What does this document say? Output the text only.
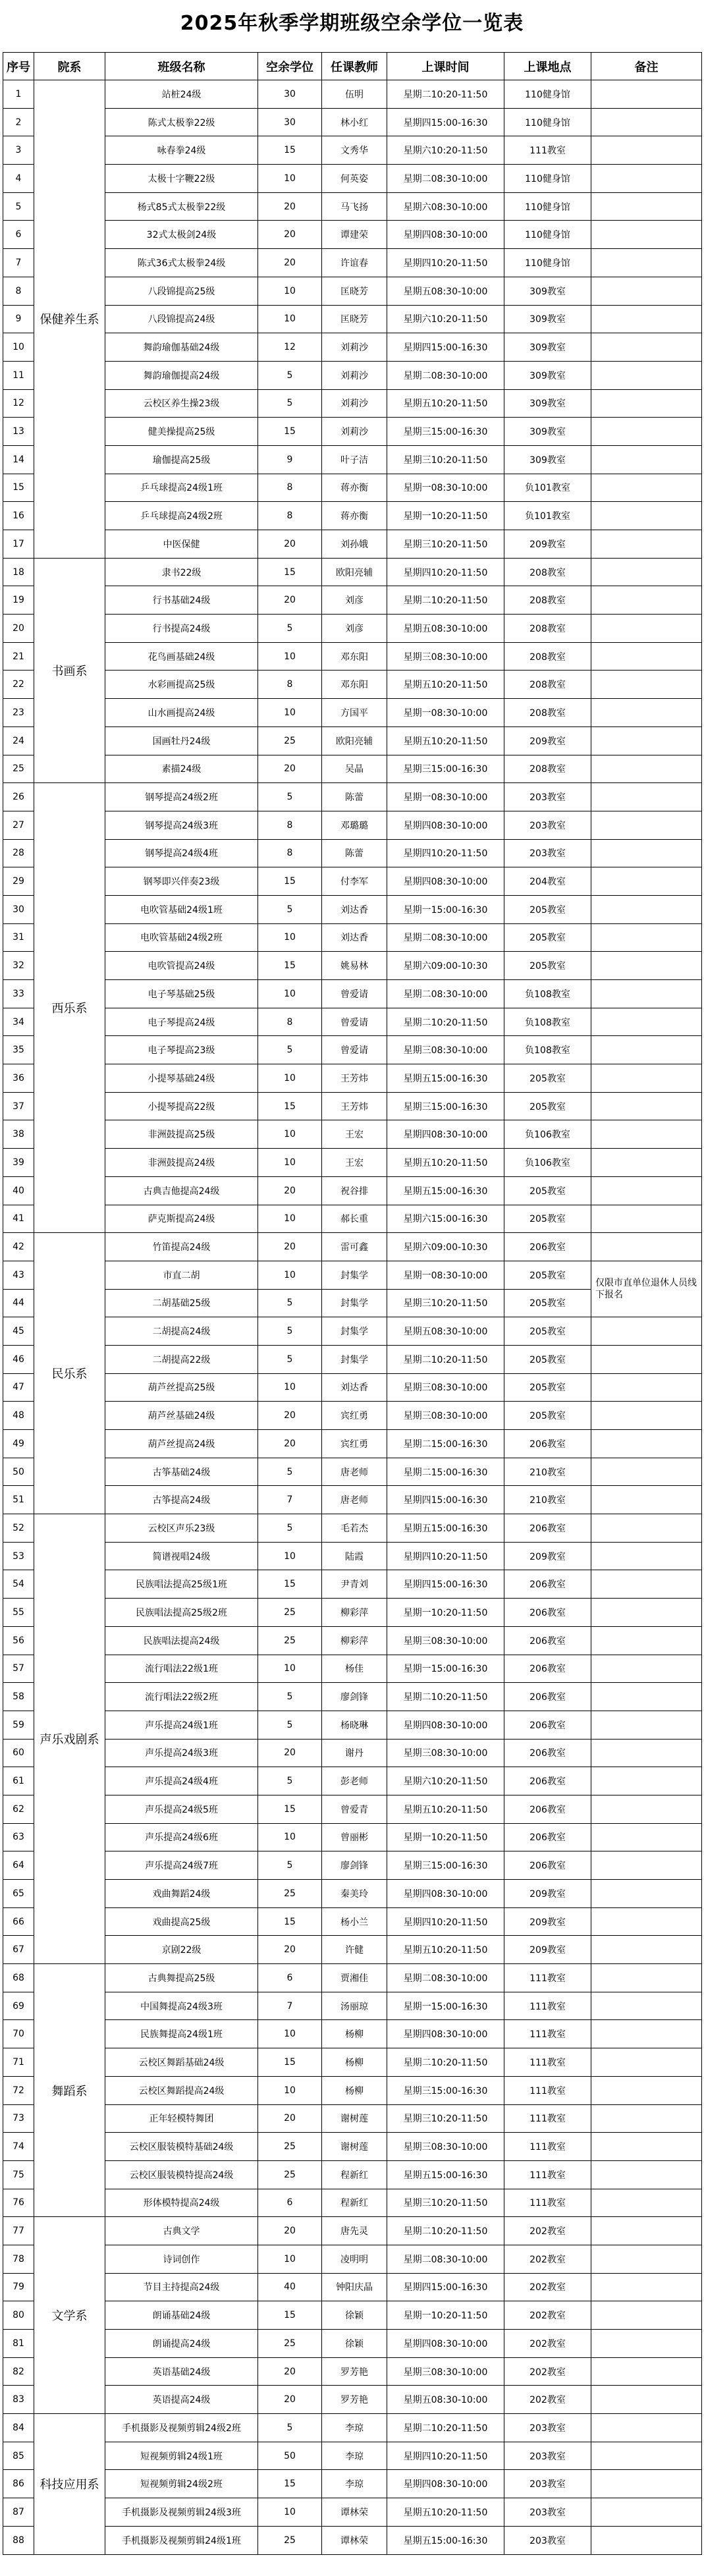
2025年秋季学期班级空余学位一览表
序号	院系	班级名称	空余学位	任课教师	上课时间	上课地点	备注
1	保健养生系	站桩24级	30	伍明	星期二10:20-11:50	110健身馆	
2		陈式太极拳22级	30	林小红	星期四15:00-16:30	110健身馆	
3		咏春拳24级	15	文秀华	星期六10:20-11:50	111教室	
4		太极十字鞭22级	10	何英姿	星期二08:30-10:00	110健身馆	
5		杨式85式太极拳22级	20	马飞扬	星期六08:30-10:00	110健身馆	
6		32式太极剑24级	20	谭建荣	星期四08:30-10:00	110健身馆	
7		陈式36式太极拳24级	20	许谊春	星期四10:20-11:50	110健身馆	
8		八段锦提高25级	10	匡晓芳	星期五08:30-10:00	309教室	
9		八段锦提高24级	10	匡晓芳	星期六10:20-11:50	309教室	
10		舞韵瑜伽基础24级	12	刘莉沙	星期四15:00-16:30	309教室	
11		舞韵瑜伽提高24级	5	刘莉沙	星期二08:30-10:00	309教室	
12		云校区养生操23级	5	刘莉沙	星期五10:20-11:50	309教室	
13		健美操提高25级	15	刘莉沙	星期三15:00-16:30	309教室	
14		瑜伽提高25级	9	叶子洁	星期三10:20-11:50	309教室	
15		乒乓球提高24级1班	8	蒋亦衡	星期一08:30-10:00	负101教室	
16		乒乓球提高24级2班	8	蒋亦衡	星期一10:20-11:50	负101教室	
17		中医保健	20	刘孙娥	星期三10:20-11:50	209教室	
18	书画系	隶书22级	15	欧阳亮辅	星期四10:20-11:50	208教室	
19		行书基础24级	20	刘彦	星期二10:20-11:50	208教室	
20		行书提高24级	5	刘彦	星期五08:30-10:00	208教室	
21		花鸟画基础24级	10	邓东阳	星期三08:30-10:00	208教室	
22		水彩画提高25级	8	邓东阳	星期五10:20-11:50	208教室	
23		山水画提高24级	10	方国平	星期一08:30-10:00	208教室	
24		国画牡丹24级	25	欧阳亮辅	星期五10:20-11:50	209教室	
25		素描24级	20	吴晶	星期三15:00-16:30	208教室	
26	西乐系	钢琴提高24级2班	5	陈蕾	星期一08:30-10:00	203教室	
27		钢琴提高24级3班	8	邓璐璐	星期四08:30-10:00	203教室	
28		钢琴提高24级4班	8	陈蕾	星期四10:20-11:50	203教室	
29		钢琴即兴伴奏23级	15	付李军	星期四08:30-10:00	204教室	
30		电吹管基础24级1班	5	刘达香	星期一15:00-16:30	205教室	
31		电吹管基础24级2班	10	刘达香	星期二08:30-10:00	205教室	
32		电吹管提高24级	15	姚易林	星期六09:00-10:30	205教室	
33		电子琴基础25级	10	曾爱请	星期二08:30-10:00	负108教室	
34		电子琴提高24级	8	曾爱请	星期二10:20-11:50	负108教室	
35		电子琴提高23级	5	曾爱请	星期三08:30-10:00	负108教室	
36		小提琴基础24级	10	王芳炜	星期五15:00-16:30	205教室	
37		小提琴提高22级	15	王芳炜	星期三15:00-16:30	205教室	
38		非洲鼓提高25级	10	王宏	星期四08:30-10:00	负106教室	
39		非洲鼓提高24级	10	王宏	星期五10:20-11:50	负106教室	
40		古典吉他提高24级	20	祝谷排	星期五15:00-16:30	205教室	
41		萨克斯提高24级	10	郝长重	星期六15:00-16:30	205教室	
42	民乐系	竹笛提高24级	20	雷可鑫	星期六09:00-10:30	206教室	
43		市直二胡	10	封集学	星期一08:30-10:00	205教室	仅限市直单位退休人员线下报名
44		二胡基础25级	5	封集学	星期三10:20-11:50	205教室	
45		二胡提高24级	5	封集学	星期五08:30-10:00	205教室	
46		二胡提高22级	5	封集学	星期二10:20-11:50	205教室	
47		葫芦丝提高25级	10	刘达香	星期三08:30-10:00	205教室	
48		葫芦丝基础24级	20	宾红勇	星期三08:30-10:00	205教室	
49		葫芦丝提高24级	20	宾红勇	星期二15:00-16:30	206教室	
50		古筝基础24级	5	唐老师	星期二15:00-16:30	210教室	
51		古筝提高24级	7	唐老师	星期四15:00-16:30	210教室	
52	声乐戏剧系	云校区声乐23级	5	毛若杰	星期五15:00-16:30	206教室	
53		简谱视唱24级	10	陆霞	星期四10:20-11:50	209教室	
54		民族唱法提高25级1班	15	尹青刘	星期四15:00-16:30	206教室	
55		民族唱法提高25级2班	25	柳彩萍	星期一10:20-11:50	206教室	
56		民族唱法提高24级	25	柳彩萍	星期三08:30-10:00	206教室	
57		流行唱法22级1班	10	杨佳	星期一15:00-16:30	206教室	
58		流行唱法22级2班	5	廖剑锋	星期二10:20-11:50	206教室	
59		声乐提高24级1班	5	杨晓琳	星期四08:30-10:00	206教室	
60		声乐提高24级3班	20	谢丹	星期三08:30-10:00	206教室	
61		声乐提高24级4班	5	彭老师	星期六10:20-11:50	206教室	
62		声乐提高24级5班	15	曾爱青	星期五10:20-11:50	206教室	
63		声乐提高24级6班	10	曾丽彬	星期一10:20-11:50	206教室	
64		声乐提高24级7班	5	廖剑锋	星期三15:00-16:30	206教室	
65		戏曲舞蹈24级	25	秦美玲	星期四08:30-10:00	209教室	
66		戏曲提高25级	15	杨小兰	星期四10:20-11:50	209教室	
67		京剧22级	20	许健	星期五10:20-11:50	209教室	
68	舞蹈系	古典舞提高25级	6	贾湘佳	星期二08:30-10:00	111教室	
69		中国舞提高24级3班	7	汤丽琼	星期一15:00-16:30	111教室	
70		民族舞提高24级1班	10	杨柳	星期四08:30-10:00	111教室	
71		云校区舞蹈基础24级	15	杨柳	星期二10:20-11:50	111教室	
72		云校区舞蹈提高24级	10	杨柳	星期三15:00-16:30	111教室	
73		正年轻模特舞团	20	谢树莲	星期三10:20-11:50	111教室	
74		云校区服装模特基础24级	25	谢树莲	星期三08:30-10:00	111教室	
75		云校区服装模特提高24级	25	程新红	星期五15:00-16:30	111教室	
76		形体模特提高24级	6	程新红	星期三10:20-11:50	111教室	
77	文学系	古典文学	20	唐先灵	星期二10:20-11:50	202教室	
78		诗词创作	10	凌明明	星期二08:30-10:00	202教室	
79		节目主持提高24级	40	钟阳庆晶	星期四15:00-16:30	202教室	
80		朗诵基础24级	15	徐颖	星期一10:20-11:50	202教室	
81		朗诵提高24级	25	徐颖	星期四08:30-10:00	202教室	
82		英语基础24级	20	罗芳艳	星期三08:30-10:00	202教室	
83		英语提高24级	20	罗芳艳	星期五08:30-10:00	202教室	
84	科技应用系	手机摄影及视频剪辑24级2班	5	李琼	星期二10:20-11:50	203教室	
85		短视频剪辑24级1班	50	李琼	星期四10:20-11:50	203教室	
86		短视频剪辑24级2班	15	李琼	星期四08:30-10:00	203教室	
87		手机摄影及视频剪辑24级3班	10	谭林荣	星期五10:20-11:50	203教室	
88		手机摄影及视频剪辑24级1班	25	谭林荣	星期五15:00-16:30	203教室	
